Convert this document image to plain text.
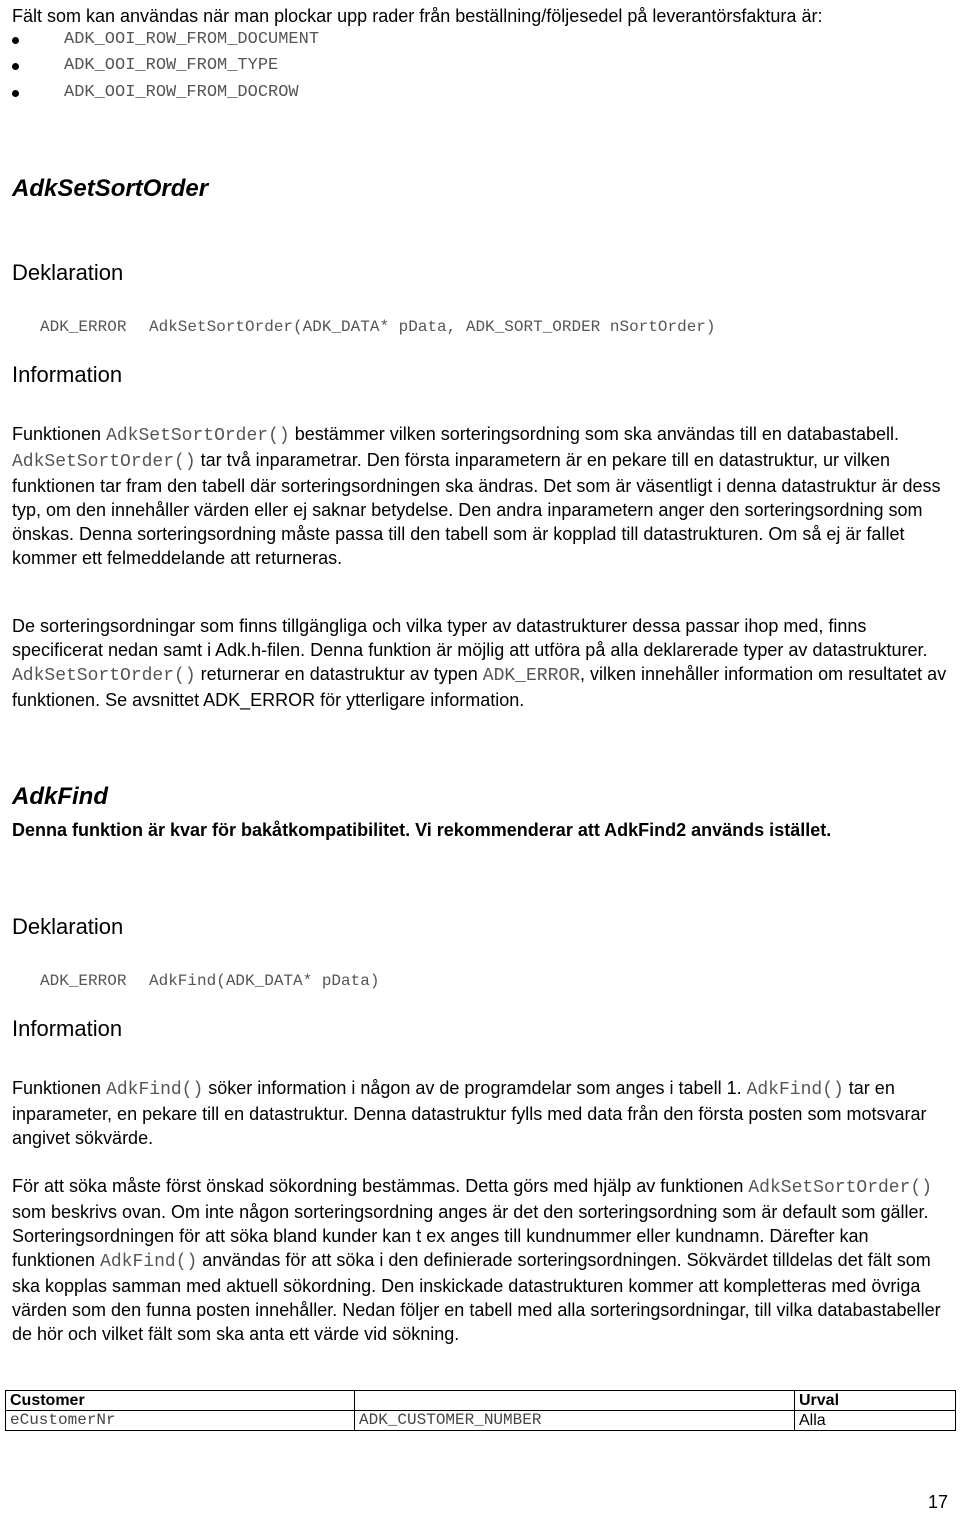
Fält som kan användas när man plockar upp rader från beställning/följesedel på leverantörsfaktura är:
ADK_OOI_ROW_FROM_DOCUMENT
ADK_OOI_ROW_FROM_TYPE
ADK_OOI_ROW_FROM_DOCROW
AdkSetSortOrder
Deklaration
ADK_ERROR AdkSetSortOrder(ADK_DATA* pData, ADK_SORT_ORDER nSortOrder)
Information
Funktionen AdkSetSortOrder() bestämmer vilken sorteringsordning som ska användas till en databastabell. AdkSetSortOrder() tar två inparametrar. Den första inparametern är en pekare till en datastruktur, ur vilken funktionen tar fram den tabell där sorteringsordningen ska ändras. Det som är väsentligt i denna datastruktur är dess typ, om den innehåller värden eller ej saknar betydelse. Den andra inparametern anger den sorteringsordning som önskas. Denna sorteringsordning måste passa till den tabell som är kopplad till datastrukturen. Om så ej är fallet kommer ett felmeddelande att returneras.
De sorteringsordningar som finns tillgängliga och vilka typer av datastrukturer dessa passar ihop med, finns specificerat nedan samt i Adk.h-filen. Denna funktion är möjlig att utföra på alla deklarerade typer av datastrukturer. AdkSetSortOrder() returnerar en datastruktur av typen ADK_ERROR, vilken innehåller information om resultatet av funktionen. Se avsnittet ADK_ERROR för ytterligare information.
AdkFind
Denna funktion är kvar för bakåtkompatibilitet. Vi rekommenderar att AdkFind2 används istället.
Deklaration
ADK_ERROR AdkFind(ADK_DATA* pData)
Information
Funktionen AdkFind() söker information i någon av de programdelar som anges i tabell 1. AdkFind() tar en inparameter, en pekare till en datastruktur. Denna datastruktur fylls med data från den första posten som motsvarar angivet sökvärde.
För att söka måste först önskad sökordning bestämmas. Detta görs med hjälp av funktionen AdkSetSortOrder() som beskrivs ovan. Om inte någon sorteringsordning anges är det den sorteringsordning som är default som gäller. Sorteringsordningen för att söka bland kunder kan t ex anges till kundnummer eller kundnamn. Därefter kan funktionen AdkFind() användas för att söka i den definierade sorteringsordningen. Sökvärdet tilldelas det fält som ska kopplas samman med aktuell sökordning. Den inskickade datastrukturen kommer att kompletteras med övriga värden som den funna posten innehåller. Nedan följer en tabell med alla sorteringsordningar, till vilka databastabeller de hör och vilket fält som ska anta ett värde vid sökning.
Customer		Urval
eCustomerNr	ADK_CUSTOMER_NUMBER	Alla
17
